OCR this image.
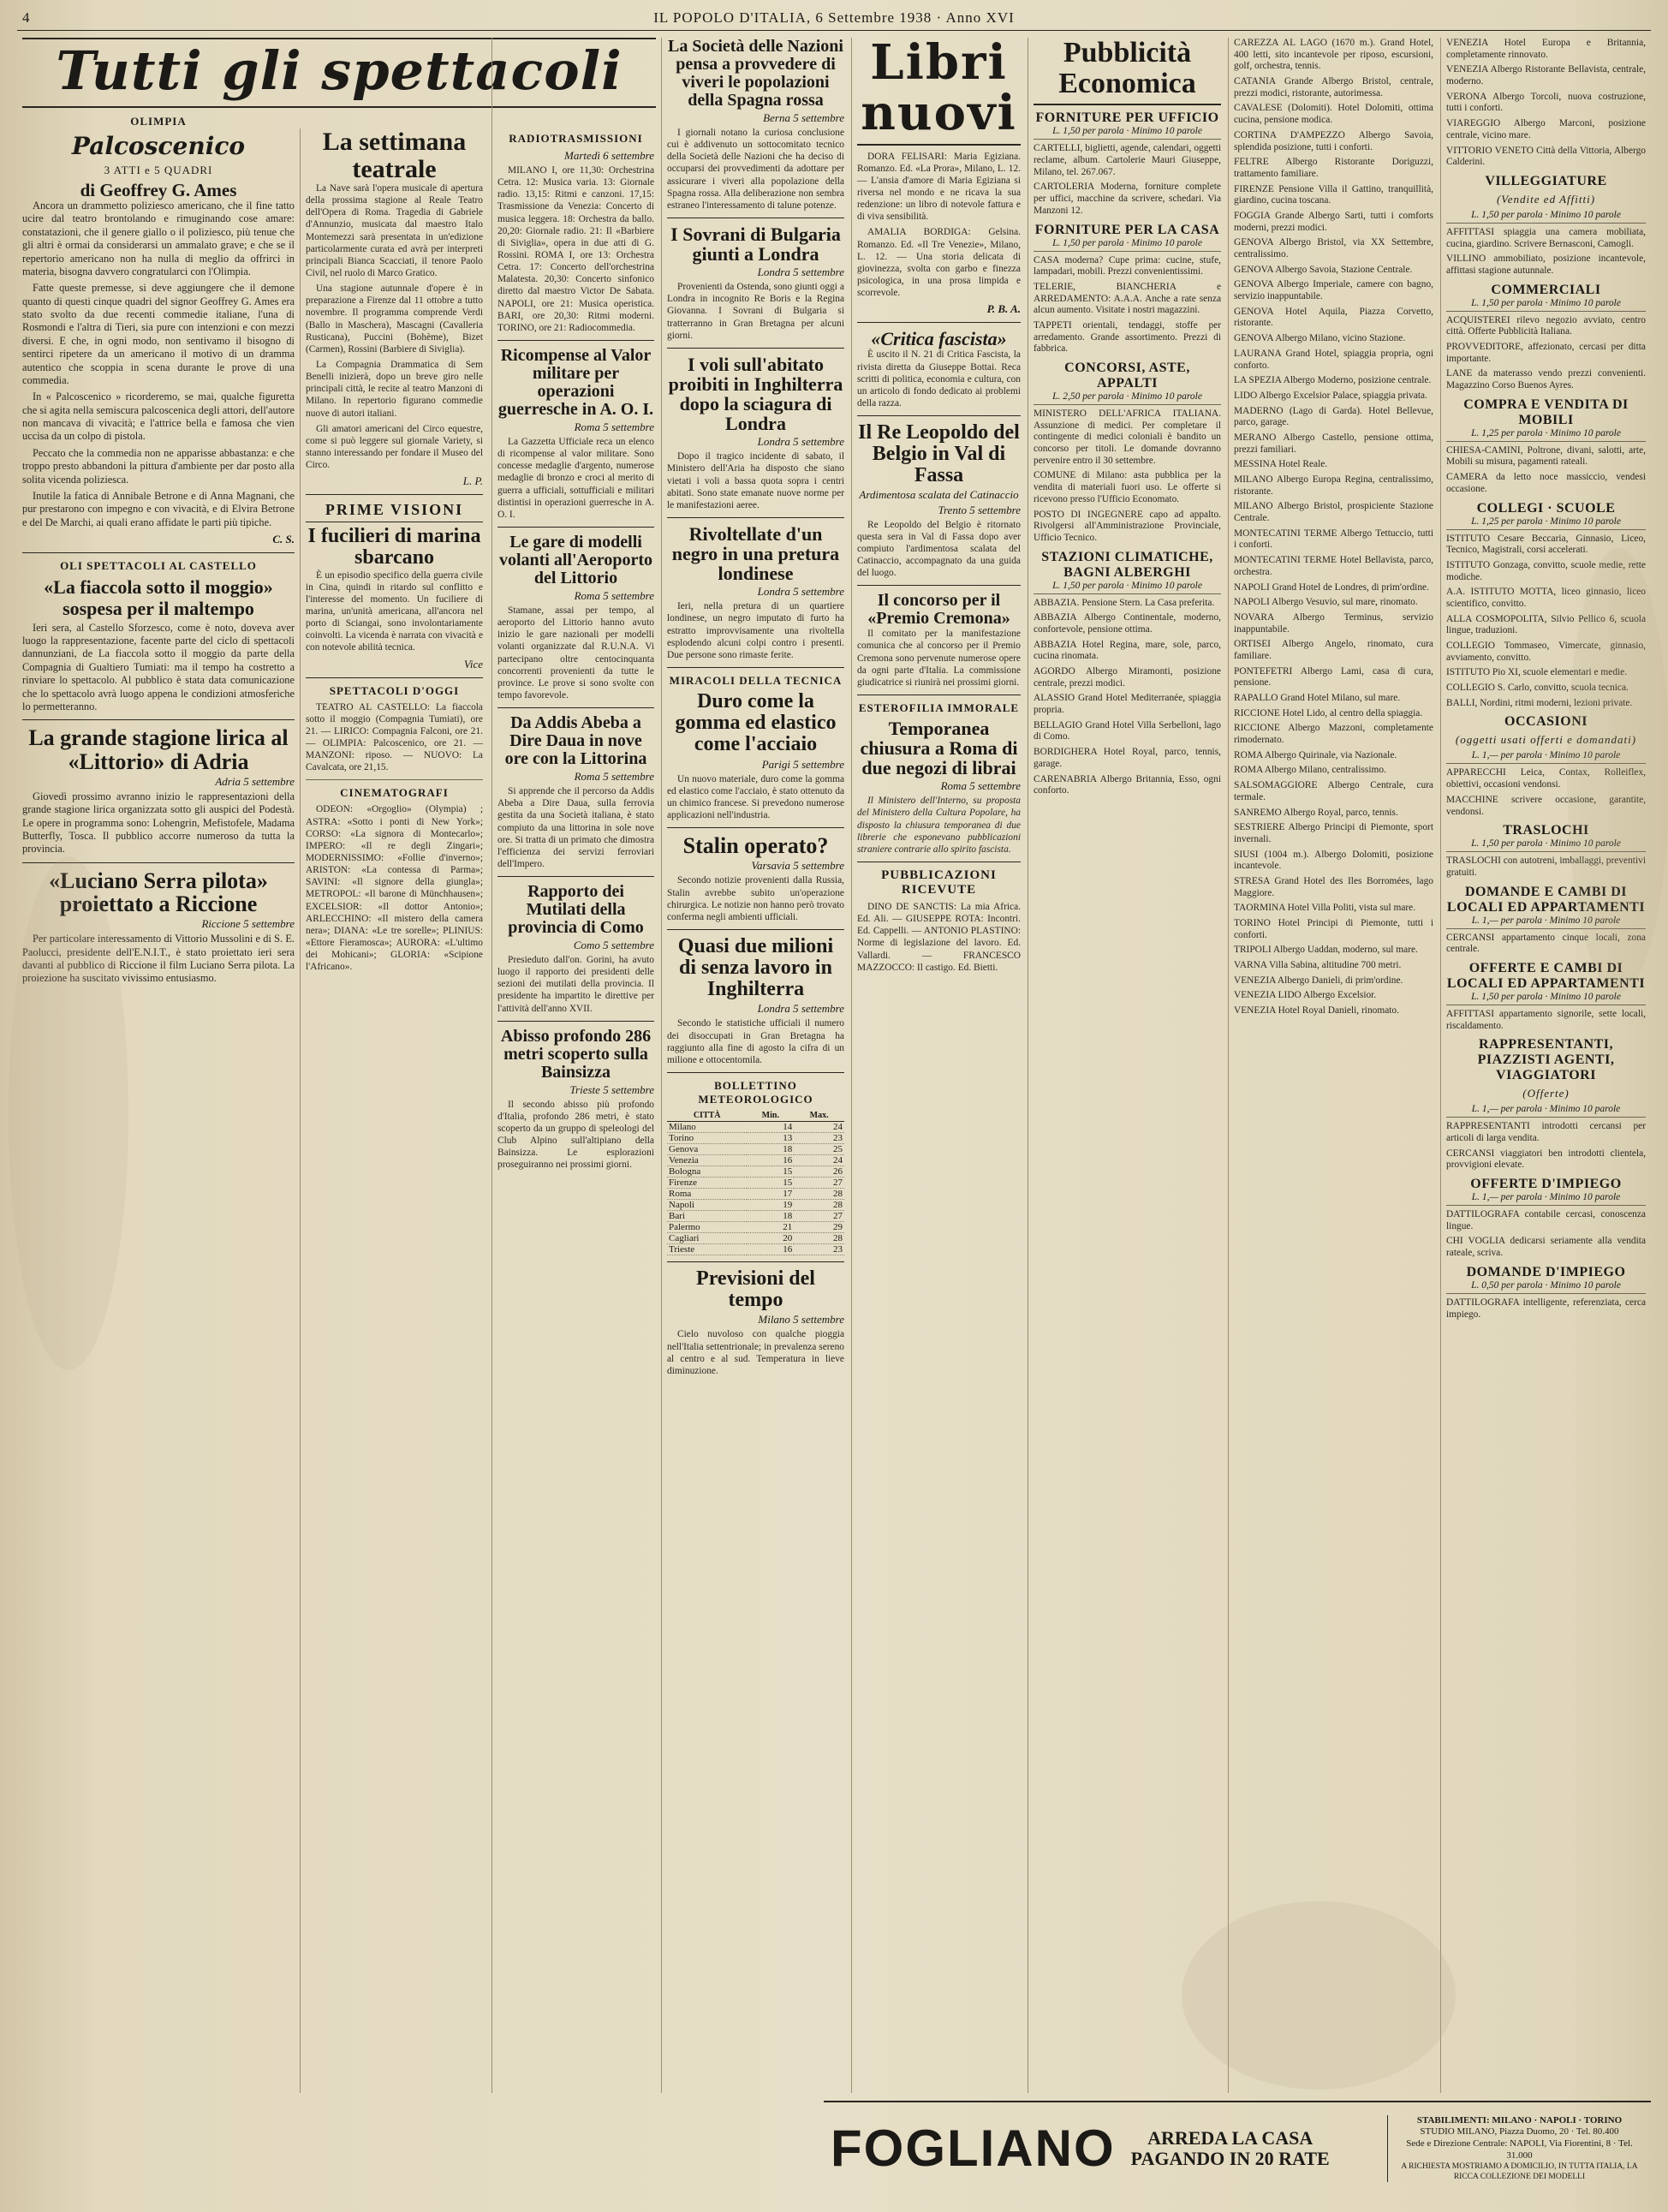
4	IL POPOLO D'ITALIA, 6 Settembre 1938 · Anno XVI
Tutti gli spettacoli
OLIMPIA
Palcoscenico
3 ATTI e 5 QUADRI
di Geoffrey G. Ames

Ancora un drammetto poliziesco americano, che il fine tatto ucire dal teatro brontolando e rimuginando cose amare: constatazioni, che il genere giallo o il poliziesco, più tenue che gli altri è ormai da considerarsi un ammalato grave; e che se il repertorio americano non ha nulla di meglio da offrirci in materia, bisogna davvero congratularci con l'Olimpia.

Fatte queste premesse, si deve aggiungere che il demone quanto di questi cinque quadri del signor Geoffrey G. Ames era stato svolto da due recenti commedie italiane, l'una di Rosmondi e l'altra di Tieri, sia pure con intenzioni e con mezzi diversi. E che, in ogni modo, non sentivamo il bisogno di sentirci ripetere da un americano il motivo di un dramma autentico che scoppia in scena durante le prove di una commedia.

In « Palcoscenico » ricorderemo, se mai, qualche figuretta che si agita nella semiscura palcoscenica degli attori, dell'autore non mancava di vivacità; e l'attrice bella e famosa che vien uccisa da un colpo di pistola.

Peccato che la commedia non ne apparisse abbastanza: e che troppo presto abbandoni la pittura d'ambiente per dar posto alla solita vicenda poliziesca.

Inutile la fatica di Annibale Betrone e di Anna Magnani, che pur prestarono con impegno e con vivacità, e di Elvira Betrone e del De Marchi, ai quali erano affidate le parti più tipiche.

C. S.
OLI SPETTACOLI AL CASTELLO
«La fiaccola sotto il moggio» sospesa per il maltempo

Ieri sera, al Castello Sforzesco, come è noto, doveva aver luogo la rappresentazione, facente parte del ciclo di spettacoli dannunziani, de La fiaccola sotto il moggio da parte della Compagnia di Gualtiero Tumiati: ma il tempo ha costretto a rinviare lo spettacolo. Al pubblico è stata data comunicazione che lo spettacolo avrà luogo appena le condizioni atmosferiche lo permetteranno.

La grande stagione lirica al «Littorio» di Adria
Adria 5 settembre

Giovedì prossimo avranno inizio le rappresentazioni della grande stagione lirica organizzata sotto gli auspici del Podestà. Le opere in programma sono: Lohengrin, Mefistofele, Madama Butterfly, Tosca. Il pubblico accorre numeroso da tutta la provincia.

«Luciano Serra pilota» proiettato a Riccione
Riccione 5 settembre

Per particolare interessamento di Vittorio Mussolini e di S. E. Paolucci, presidente dell'E.N.I.T., è stato proiettato ieri sera davanti al pubblico di Riccione il film Luciano Serra pilota. La proiezione ha suscitato vivissimo entusiasmo.

La settimana teatrale

La Nave sarà l'opera musicale di apertura della prossima stagione al Reale Teatro dell'Opera di Roma. Tragedia di Gabriele d'Annunzio, musicata dal maestro Italo Montemezzi sarà presentata in un'edizione particolarmente curata ed avrà per interpreti principali Bianca Scacciati, il tenore Paolo Civil, nel ruolo di Marco Gratico.

Una stagione autunnale d'opere è in preparazione a Firenze dal 11 ottobre a tutto novembre. Il programma comprende Verdi (Ballo in Maschera), Mascagni (Cavalleria Rusticana), Puccini (Bohème), Bizet (Carmen), Rossini (Barbiere di Siviglia).

La Compagnia Drammatica di Sem Benelli inizierà, dopo un breve giro nelle principali città, le recite al teatro Manzoni di Milano. In repertorio figurano commedie nuove di autori italiani.

Gli amatori americani del Circo equestre, come si può leggere sul giornale Variety, si stanno interessando per fondare il Museo del Circo.

L. P.
PRIME VISIONI
I fucilieri di marina sbarcano

È un episodio specifico della guerra civile in Cina, quindi in ritardo sul conflitto e l'interesse del momento. Un fuciliere di marina, un'unità americana, all'ancora nel porto di Sciangai, sono involontariamente coinvolti. La vicenda è narrata con vivacità e con notevole abilità tecnica.

Vice
SPETTACOLI D'OGGI

TEATRO AL CASTELLO: La fiaccola sotto il moggio (Compagnia Tumiati), ore 21. — LIRICO: Compagnia Falconi, ore 21. — OLIMPIA: Palcoscenico, ore 21. — MANZONI: riposo. — NUOVO: La Cavalcata, ore 21,15.

CINEMATOGRAFI

ODEON: «Orgoglio» (Olympia) ; ASTRA: «Sotto i ponti di New York»; CORSO: «La signora di Montecarlo»; IMPERO: «Il re degli Zingari»; MODERNISSIMO: «Follie d'inverno»; ARISTON: «La contessa di Parma»; SAVINI: «Il signore della giungla»; METROPOL: «Il barone di Münchhausen»; EXCELSIOR: «Il dottor Antonio»; ARLECCHINO: «Il mistero della camera nera»; DIANA: «Le tre sorelle»; PLINIUS: «Ettore Fieramosca»; AURORA: «L'ultimo dei Mohicani»; GLORIA: «Scipione l'Africano».

RADIOTRASMISSIONI
Martedì 6 settembre

MILANO I, ore 11,30: Orchestrina Cetra. 12: Musica varia. 13: Giornale radio. 13,15: Ritmi e canzoni. 17,15: Trasmissione da Venezia: Concerto di musica leggera. 18: Orchestra da ballo. 20,20: Giornale radio. 21: Il «Barbiere di Siviglia», opera in due atti di G. Rossini. ROMA I, ore 13: Orchestra Cetra. 17: Concerto dell'orchestrina Malatesta. 20,30: Concerto sinfonico diretto dal maestro Victor De Sabata. NAPOLI, ore 21: Musica operistica. BARI, ore 20,30: Ritmi moderni. TORINO, ore 21: Radiocommedia.

Ricompense al Valor militare per operazioni guerresche in A. O. I.
Roma 5 settembre

La Gazzetta Ufficiale reca un elenco di ricompense al valor militare. Sono concesse medaglie d'argento, numerose medaglie di bronzo e croci al merito di guerra a ufficiali, sottufficiali e militari distintisi in operazioni guerresche in A. O. I.

Le gare di modelli volanti all'Aeroporto del Littorio
Roma 5 settembre

Stamane, assai per tempo, al aeroporto del Littorio hanno avuto inizio le gare nazionali per modelli volanti organizzate dal R.U.N.A. Vi partecipano oltre centocinquanta concorrenti provenienti da tutte le province. Le prove si sono svolte con tempo favorevole.

Da Addis Abeba a Dire Daua in nove ore con la Littorina
Roma 5 settembre

Si apprende che il percorso da Addis Abeba a Dire Daua, sulla ferrovia gestita da una Società italiana, è stato compiuto da una littorina in sole nove ore. Si tratta di un primato che dimostra l'efficienza dei servizi ferroviari dell'Impero.

Rapporto dei Mutilati della provincia di Como
Como 5 settembre

Presieduto dall'on. Gorini, ha avuto luogo il rapporto dei presidenti delle sezioni dei mutilati della provincia. Il presidente ha impartito le direttive per l'attività dell'anno XVII.

Abisso profondo 286 metri scoperto sulla Bainsizza
Trieste 5 settembre

Il secondo abisso più profondo d'Italia, profondo 286 metri, è stato scoperto da un gruppo di speleologi del Club Alpino sull'altipiano della Bainsizza. Le esplorazioni proseguiranno nei prossimi giorni.

La Società delle Nazioni pensa a provvedere di viveri le popolazioni della Spagna rossa
Berna 5 settembre

I giornali notano la curiosa conclusione cui è addivenuto un sottocomitato tecnico della Società delle Nazioni che ha deciso di occuparsi dei provvedimenti da adottare per assicurare i viveri alla popolazione della Spagna rossa. Alla deliberazione non sembra estraneo l'interessamento di talune potenze.

I Sovrani di Bulgaria giunti a Londra
Londra 5 settembre

Provenienti da Ostenda, sono giunti oggi a Londra in incognito Re Boris e la Regina Giovanna. I Sovrani di Bulgaria si tratterranno in Gran Bretagna per alcuni giorni.

I voli sull'abitato proibiti in Inghilterra dopo la sciagura di Londra
Londra 5 settembre

Dopo il tragico incidente di sabato, il Ministero dell'Aria ha disposto che siano vietati i voli a bassa quota sopra i centri abitati. Sono state emanate nuove norme per le manifestazioni aeree.

Rivoltellate d'un negro in una pretura londinese
Londra 5 settembre

Ieri, nella pretura di un quartiere londinese, un negro imputato di furto ha estratto improvvisamente una rivoltella esplodendo alcuni colpi contro i presenti. Due persone sono rimaste ferite.

MIRACOLI DELLA TECNICA
Duro come la gomma ed elastico come l'acciaio
Parigi 5 settembre

Un nuovo materiale, duro come la gomma ed elastico come l'acciaio, è stato ottenuto da un chimico francese. Si prevedono numerose applicazioni nell'industria.

Stalin operato?
Varsavia 5 settembre

Secondo notizie provenienti dalla Russia, Stalin avrebbe subito un'operazione chirurgica. Le notizie non hanno però trovato conferma negli ambienti ufficiali.

Quasi due milioni di senza lavoro in Inghilterra
Londra 5 settembre

Secondo le statistiche ufficiali il numero dei disoccupati in Gran Bretagna ha raggiunto alla fine di agosto la cifra di un milione e ottocentomila.

BOLLETTINO METEOROLOGICO
CITTÀ	Min.	Max.
Milano	14	24
Torino	13	23
Genova	18	25
Venezia	16	24
Bologna	15	26
Firenze	15	27
Roma	17	28
Napoli	19	28
Bari	18	27
Palermo	21	29
Cagliari	20	28
Trieste	16	23
Previsioni del tempo
Milano 5 settembre

Cielo nuvoloso con qualche pioggia nell'Italia settentrionale; in prevalenza sereno al centro e al sud. Temperatura in lieve diminuzione.

Libri nuovi

DORA FELISARI: Maria Egiziana. Romanzo. Ed. «La Prora», Milano, L. 12. — L'ansia d'amore di Maria Egiziana si riversa nel mondo e ne ricava la sua redenzione: un libro di notevole fattura e di viva sensibilità.

AMALIA BORDIGA: Gelsina. Romanzo. Ed. «Il Tre Venezie», Milano, L. 12. — Una storia delicata di giovinezza, svolta con garbo e finezza psicologica, in una prosa limpida e scorrevole.

P. B. A.
«Critica fascista»

È uscito il N. 21 di Critica Fascista, la rivista diretta da Giuseppe Bottai. Reca scritti di politica, economia e cultura, con un articolo di fondo dedicato ai problemi della razza.

Il Re Leopoldo del Belgio in Val di Fassa
Ardimentosa scalata del Catinaccio
Trento 5 settembre

Re Leopoldo del Belgio è ritornato questa sera in Val di Fassa dopo aver compiuto l'ardimentosa scalata del Catinaccio, accompagnato da una guida del luogo.

Il concorso per il «Premio Cremona»

Il comitato per la manifestazione comunica che al concorso per il Premio Cremona sono pervenute numerose opere da ogni parte d'Italia. La commissione giudicatrice si riunirà nei prossimi giorni.

ESTEROFILIA IMMORALE
Temporanea chiusura a Roma di due negozi di librai
Roma 5 settembre

Il Ministero dell'Interno, su proposta del Ministero della Cultura Popolare, ha disposto la chiusura temporanea di due librerie che esponevano pubblicazioni straniere contrarie allo spirito fascista.

PUBBLICAZIONI RICEVUTE

DINO DE SANCTIS: La mia Africa. Ed. Ali. — GIUSEPPE ROTA: Incontri. Ed. Cappelli. — ANTONIO PLASTINO: Norme di legislazione del lavoro. Ed. Vallardi. — FRANCESCO MAZZOCCO: Il castigo. Ed. Bietti.

Pubblicità Economica
FORNITURE PER UFFICIO
L. 1,50 per parola · Minimo 10 parole

CARTELLI, biglietti, agende, calendari, oggetti reclame, album. Cartolerie Mauri Giuseppe, Milano, tel. 267.067.

CARTOLERIA Moderna, forniture complete per uffici, macchine da scrivere, schedari. Via Manzoni 12.

FORNITURE PER LA CASA
L. 1,50 per parola · Minimo 10 parole

CASA moderna? Cupe prima: cucine, stufe, lampadari, mobili. Prezzi convenientissimi.

TELERIE, BIANCHERIA e ARREDAMENTO: A.A.A. Anche a rate senza alcun aumento. Visitate i nostri magazzini.

TAPPETI orientali, tendaggi, stoffe per arredamento. Grande assortimento. Prezzi di fabbrica.

CONCORSI, ASTE, APPALTI
L. 2,50 per parola · Minimo 10 parole

MINISTERO DELL'AFRICA ITALIANA. Assunzione di medici. Per completare il contingente di medici coloniali è bandito un concorso per titoli. Le domande dovranno pervenire entro il 30 settembre.

COMUNE di Milano: asta pubblica per la vendita di materiali fuori uso. Le offerte si ricevono presso l'Ufficio Economato.

POSTO DI INGEGNERE capo ad appalto. Rivolgersi all'Amministrazione Provinciale, Ufficio Tecnico.

STAZIONI CLIMATICHE, BAGNI ALBERGHI
L. 1,50 per parola · Minimo 10 parole

ABBAZIA. Pensione Stern. La Casa preferita.

ABBAZIA Albergo Continentale, moderno, confortevole, pensione ottima.

ABBAZIA Hotel Regina, mare, sole, parco, cucina rinomata.

AGORDO Albergo Miramonti, posizione centrale, prezzi modici.

ALASSIO Grand Hotel Mediterranée, spiaggia propria.

BELLAGIO Grand Hotel Villa Serbelloni, lago di Como.

BORDIGHERA Hotel Royal, parco, tennis, garage.

CARENABRIA Albergo Britannia, Esso, ogni conforto.

CAREZZA AL LAGO (1670 m.). Grand Hotel, 400 letti, sito incantevole per riposo, escursioni, golf, orchestra, tennis.

CATANIA Grande Albergo Bristol, centrale, prezzi modici, ristorante, autorimessa.

CAVALESE (Dolomiti). Hotel Dolomiti, ottima cucina, pensione modica.

CORTINA D'AMPEZZO Albergo Savoia, splendida posizione, tutti i conforti.

FELTRE Albergo Ristorante Doriguzzi, trattamento familiare.

FIRENZE Pensione Villa il Gattino, tranquillità, giardino, cucina toscana.

FOGGIA Grande Albergo Sarti, tutti i comforts moderni, prezzi modici.

GENOVA Albergo Bristol, via XX Settembre, centralissimo.

GENOVA Albergo Savoia, Stazione Centrale.

GENOVA Albergo Imperiale, camere con bagno, servizio inappuntabile.

GENOVA Hotel Aquila, Piazza Corvetto, ristorante.

GENOVA Albergo Milano, vicino Stazione.

LAURANA Grand Hotel, spiaggia propria, ogni conforto.

LA SPEZIA Albergo Moderno, posizione centrale.

LIDO Albergo Excelsior Palace, spiaggia privata.

MADERNO (Lago di Garda). Hotel Bellevue, parco, garage.

MERANO Albergo Castello, pensione ottima, prezzi familiari.

MESSINA Hotel Reale.

MILANO Albergo Europa Regina, centralissimo, ristorante.

MILANO Albergo Bristol, prospiciente Stazione Centrale.

MONTECATINI TERME Albergo Tettuccio, tutti i conforti.

MONTECATINI TERME Hotel Bellavista, parco, orchestra.

NAPOLI Grand Hotel de Londres, di prim'ordine.

NAPOLI Albergo Vesuvio, sul mare, rinomato.

NOVARA Albergo Terminus, servizio inappuntabile.

ORTISEI Albergo Angelo, rinomato, cura familiare.

PONTEFETRI Albergo Lami, casa di cura, pensione.

RAPALLO Grand Hotel Milano, sul mare.

RICCIONE Hotel Lido, al centro della spiaggia.

RICCIONE Albergo Mazzoni, completamente rimodernato.

ROMA Albergo Quirinale, via Nazionale.

ROMA Albergo Milano, centralissimo.

SALSOMAGGIORE Albergo Centrale, cura termale.

SANREMO Albergo Royal, parco, tennis.

SESTRIERE Albergo Principi di Piemonte, sport invernali.

SIUSI (1004 m.). Albergo Dolomiti, posizione incantevole.

STRESA Grand Hotel des Iles Borromées, lago Maggiore.

TAORMINA Hotel Villa Politi, vista sul mare.

TORINO Hotel Principi di Piemonte, tutti i conforti.

TRIPOLI Albergo Uaddan, moderno, sul mare.

VARNA Villa Sabina, altitudine 700 metri.

VENEZIA Albergo Danieli, di prim'ordine.

VENEZIA LIDO Albergo Excelsior.

VENEZIA Hotel Royal Danieli, rinomato.

VENEZIA Hotel Europa e Britannia, completamente rinnovato.

VENEZIA Albergo Ristorante Bellavista, centrale, moderno.

VERONA Albergo Torcoli, nuova costruzione, tutti i conforti.

VIAREGGIO Albergo Marconi, posizione centrale, vicino mare.

VITTORIO VENETO Città della Vittoria, Albergo Calderini.

VILLEGGIATURE
(Vendite ed Affitti)
L. 1,50 per parola · Minimo 10 parole

AFFITTASI spiaggia una camera mobiliata, cucina, giardino. Scrivere Bernasconi, Camogli.

VILLINO ammobiliato, posizione incantevole, affittasi stagione autunnale.

COMMERCIALI
L. 1,50 per parola · Minimo 10 parole

ACQUISTEREI rilevo negozio avviato, centro città. Offerte Pubblicità Italiana.

PROVVEDITORE, affezionato, cercasi per ditta importante.

LANE da materasso vendo prezzi convenienti. Magazzino Corso Buenos Ayres.

COMPRA E VENDITA DI MOBILI
L. 1,25 per parola · Minimo 10 parole

CHIESA-CAMINI, Poltrone, divani, salotti, arte, Mobili su misura, pagamenti rateali.

CAMERA da letto noce massiccio, vendesi occasione.

COLLEGI · SCUOLE
L. 1,25 per parola · Minimo 10 parole

ISTITUTO Cesare Beccaria, Ginnasio, Liceo, Tecnico, Magistrali, corsi accelerati.

ISTITUTO Gonzaga, convitto, scuole medie, rette modiche.

A.A. ISTITUTO MOTTA, liceo ginnasio, liceo scientifico, convitto.

ALLA COSMOPOLITA, Silvio Pellico 6, scuola lingue, traduzioni.

COLLEGIO Tommaseo, Vimercate, ginnasio, avviamento, convitto.

ISTITUTO Pio XI, scuole elementari e medie.

COLLEGIO S. Carlo, convitto, scuola tecnica.

BALLI, Nordini, ritmi moderni, lezioni private.

OCCASIONI
(oggetti usati offerti e domandati)
L. 1,— per parola · Minimo 10 parole

APPARECCHI Leica, Contax, Rolleiflex, obiettivi, occasioni vendonsi.

MACCHINE scrivere occasione, garantite, vendonsi.

TRASLOCHI
L. 1,50 per parola · Minimo 10 parole

TRASLOCHI con autotreni, imballaggi, preventivi gratuiti.

DOMANDE E CAMBI DI LOCALI ED APPARTAMENTI
L. 1,— per parola · Minimo 10 parole

CERCANSI appartamento cinque locali, zona centrale.

OFFERTE E CAMBI DI LOCALI ED APPARTAMENTI
L. 1,50 per parola · Minimo 10 parole

AFFITTASI appartamento signorile, sette locali, riscaldamento.

RAPPRESENTANTI, PIAZZISTI AGENTI, VIAGGIATORI
(Offerte)
L. 1,— per parola · Minimo 10 parole

RAPPRESENTANTI introdotti cercansi per articoli di larga vendita.

CERCANSI viaggiatori ben introdotti clientela, provvigioni elevate.

OFFERTE D'IMPIEGO
L. 1,— per parola · Minimo 10 parole

DATTILOGRAFA contabile cercasi, conoscenza lingue.

CHI VOGLIA dedicarsi seriamente alla vendita rateale, scriva.

DOMANDE D'IMPIEGO
L. 0,50 per parola · Minimo 10 parole

DATTILOGRAFA intelligente, referenziata, cerca impiego.

FOGLIANO	ARREDA LA CASA
PAGANDO IN 20 RATE
STABILIMENTI: MILANO · NAPOLI · TORINO
STUDIO MILANO, Piazza Duomo, 20 · Tel. 80.400
Sede e Direzione Centrale: NAPOLI, Via Fiorentini, 8 · Tel. 31.000
A RICHIESTA MOSTRIAMO A DOMICILIO, IN TUTTA ITALIA, LA RICCA COLLEZIONE DEI MODELLI
